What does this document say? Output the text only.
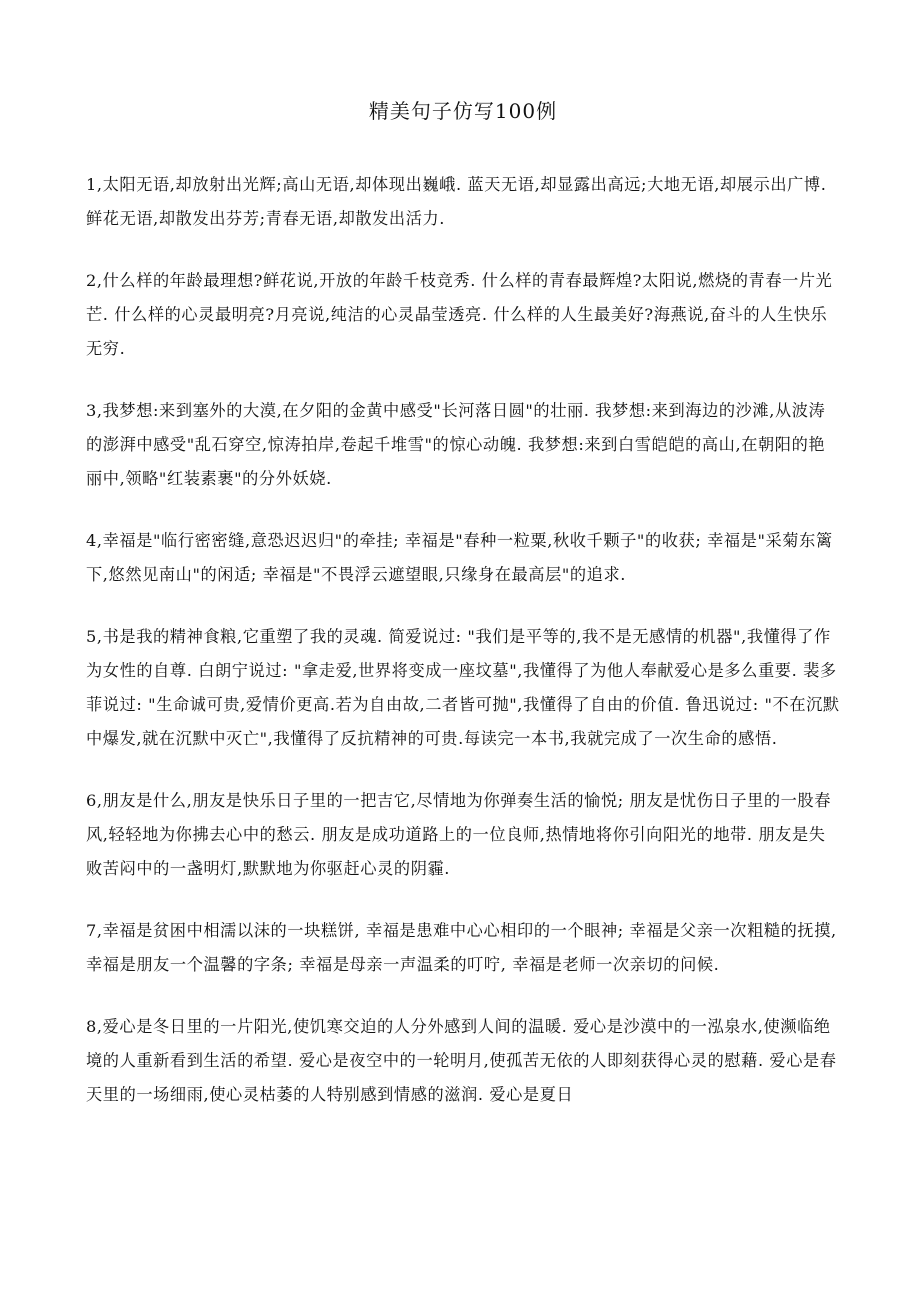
精美句子仿写100例

1,太阳无语,却放射出光辉;高山无语,却体现出巍峨. 蓝天无语,却显露出高远;大地无语,却展示出广博. 鲜花无语,却散发出芬芳;青春无语,却散发出活力.

2,什么样的年龄最理想?鲜花说,开放的年龄千枝竞秀. 什么样的青春最辉煌?太阳说,燃烧的青春一片光芒. 什么样的心灵最明亮?月亮说,纯洁的心灵晶莹透亮. 什么样的人生最美好?海燕说,奋斗的人生快乐无穷.

3,我梦想:来到塞外的大漠,在夕阳的金黄中感受"长河落日圆"的壮丽. 我梦想:来到海边的沙滩,从波涛的澎湃中感受"乱石穿空,惊涛拍岸,卷起千堆雪"的惊心动魄. 我梦想:来到白雪皑皑的高山,在朝阳的艳丽中,领略"红装素裹"的分外妖娆.

4,幸福是"临行密密缝,意恐迟迟归"的牵挂; 幸福是"春种一粒粟,秋收千颗子"的收获; 幸福是"采菊东篱下,悠然见南山"的闲适; 幸福是"不畏浮云遮望眼,只缘身在最高层"的追求.

5,书是我的精神食粮,它重塑了我的灵魂. 简爱说过: "我们是平等的,我不是无感情的机器",我懂得了作为女性的自尊. 白朗宁说过: "拿走爱,世界将变成一座坟墓",我懂得了为他人奉献爱心是多么重要. 裴多菲说过: "生命诚可贵,爱情价更高.若为自由故,二者皆可抛",我懂得了自由的价值. 鲁迅说过: "不在沉默中爆发,就在沉默中灭亡",我懂得了反抗精神的可贵.每读完一本书,我就完成了一次生命的感悟.

6,朋友是什么,朋友是快乐日子里的一把吉它,尽情地为你弹奏生活的愉悦; 朋友是忧伤日子里的一股春风,轻轻地为你拂去心中的愁云. 朋友是成功道路上的一位良师,热情地将你引向阳光的地带. 朋友是失败苦闷中的一盏明灯,默默地为你驱赶心灵的阴霾.

7,幸福是贫困中相濡以沫的一块糕饼, 幸福是患难中心心相印的一个眼神; 幸福是父亲一次粗糙的抚摸, 幸福是朋友一个温馨的字条; 幸福是母亲一声温柔的叮咛, 幸福是老师一次亲切的问候.

8,爱心是冬日里的一片阳光,使饥寒交迫的人分外感到人间的温暖. 爱心是沙漠中的一泓泉水,使濒临绝境的人重新看到生活的希望. 爱心是夜空中的一轮明月,使孤苦无依的人即刻获得心灵的慰藉. 爱心是春天里的一场细雨,使心灵枯萎的人特别感到情感的滋润. 爱心是夏日
